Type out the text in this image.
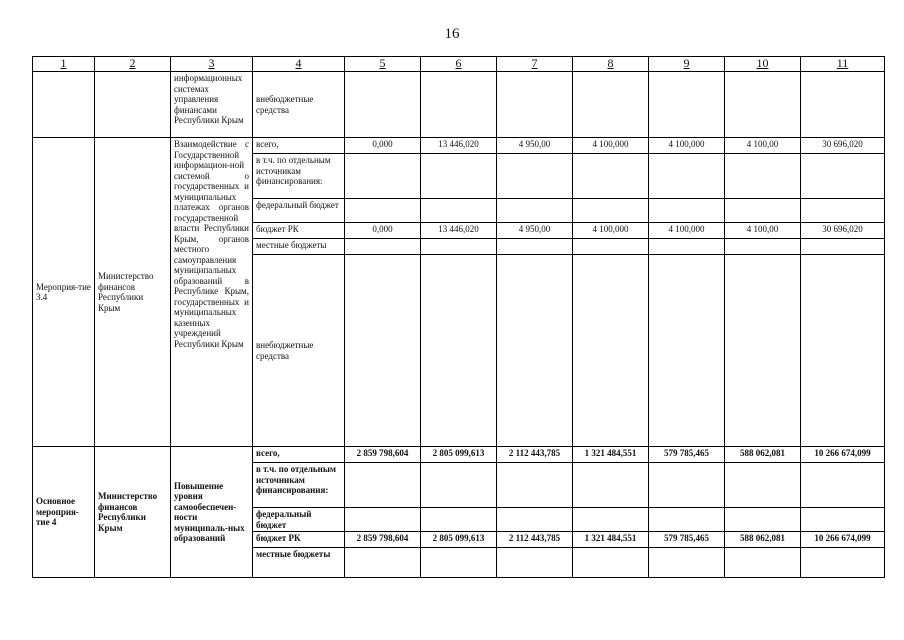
16
1	2	3	4	5	6	7	8	9	10	11
		информационных системах управления финансами Республики Крым	внебюджетные средства							
Мероприя-тие 3.4	Министерство финансов Республики Крым	Взаимодействие с Государственной информацион-ной системой о государственных и муниципальных платежах органов государственной власти Республики Крым, органов местного самоуправления муниципальных образований в Республике Крым, государственных и муниципальных казенных учреждений Республики Крым	всего,	0,000	13 446,020	4 950,00	4 100,000	4 100,000	4 100,00	30 696,020
			в т.ч. по отдельным источникам финансирования:							
			федеральный бюджет							
			бюджет РК	0,000	13 446,020	4 950,00	4 100,000	4 100,000	4 100,00	30 696,020
			местные бюджеты							
			внебюджетные средства							
Основное мероприя-тие 4	Министерство финансов Республики Крым	Повышение уровня самообеспечен-ности муниципаль-ных образований	всего,	2 859 798,604	2 805 099,613	2 112 443,785	1 321 484,551	579 785,465	588 062,081	10 266 674,099
			в т.ч. по отдельным источникам финансирования:							
			федеральный бюджет							
			бюджет РК	2 859 798,604	2 805 099,613	2 112 443,785	1 321 484,551	579 785,465	588 062,081	10 266 674,099
			местные бюджеты							
